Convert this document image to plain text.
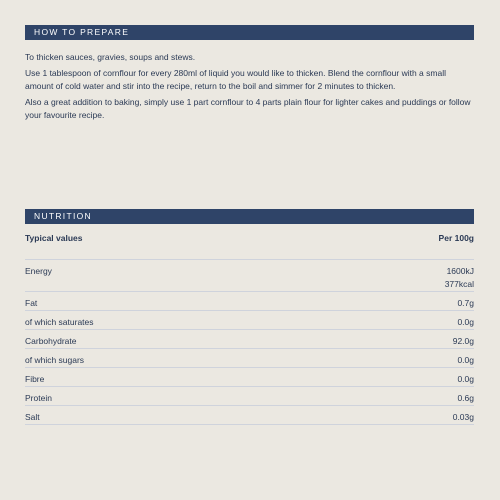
HOW TO PREPARE

To thicken sauces, gravies, soups and stews.

Use 1 tablespoon of cornflour for every 280ml of liquid you would like to thicken. Blend the cornflour with a small amount of cold water and stir into the recipe, return to the boil and simmer for 2 minutes to thicken.

Also a great addition to baking, simply use 1 part cornflour to 4 parts plain flour for lighter cakes and puddings or follow your favourite recipe.

NUTRITION
Typical values	Per 100g
Energy	1600kJ
377kcal
Fat	0.7g
of which saturates	0.0g
Carbohydrate	92.0g
of which sugars	0.0g
Fibre	0.0g
Protein	0.6g
Salt	0.03g
